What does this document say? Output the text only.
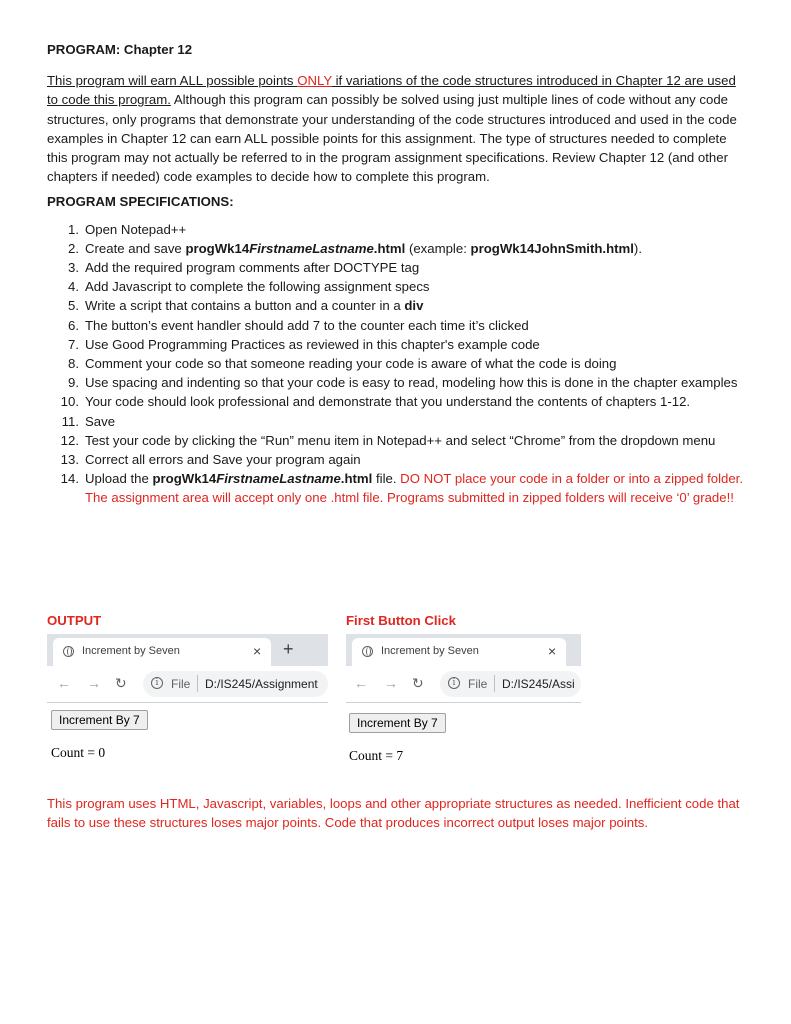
PROGRAM: Chapter 12

This program will earn ALL possible points ONLY if variations of the code structures introduced in Chapter 12 are used to code this program. Although this program can possibly be solved using just multiple lines of code without any code structures, only programs that demonstrate your understanding of the code structures introduced and used in the code examples in Chapter 12 can earn ALL possible points for this assignment. The type of structures needed to complete this program may not actually be referred to in the program assignment specifications. Review Chapter 12 (and other chapters if needed) code examples to decide how to complete this program.

PROGRAM SPECIFICATIONS:

1. Open Notepad++
2. Create and save progWk14FirstnameLastname.html (example: progWk14JohnSmith.html).
3. Add the required program comments after DOCTYPE tag
4. Add Javascript to complete the following assignment specs
5. Write a script that contains a button and a counter in a div
6. The button’s event handler should add 7 to the counter each time it’s clicked
7. Use Good Programming Practices as reviewed in this chapter's example code
8. Comment your code so that someone reading your code is aware of what the code is doing
9. Use spacing and indenting so that your code is easy to read, modeling how this is done in the chapter examples
10. Your code should look professional and demonstrate that you understand the contents of chapters 1-12.
11. Save
12. Test your code by clicking the “Run” menu item in Notepad++ and select “Chrome” from the dropdown menu
13. Correct all errors and Save your program again
14. Upload the progWk14FirstnameLastname.html file. DO NOT place your code in a folder or into a zipped folder. The assignment area will accept only one .html file. Programs submitted in zipped folders will receive ‘0’ grade!!

OUTPUT

Increment by Seven	× +
← → ↻	i	File D:/IS245/Assignment
Increment By 7
Count = 0

First Button Click

Increment by Seven	×
← → ↻	i	File D:/IS245/Assi
Increment By 7
Count = 7

This program uses HTML, Javascript, variables, loops and other appropriate structures as needed. Inefficient code that fails to use these structures loses major points. Code that produces incorrect output loses major points.
